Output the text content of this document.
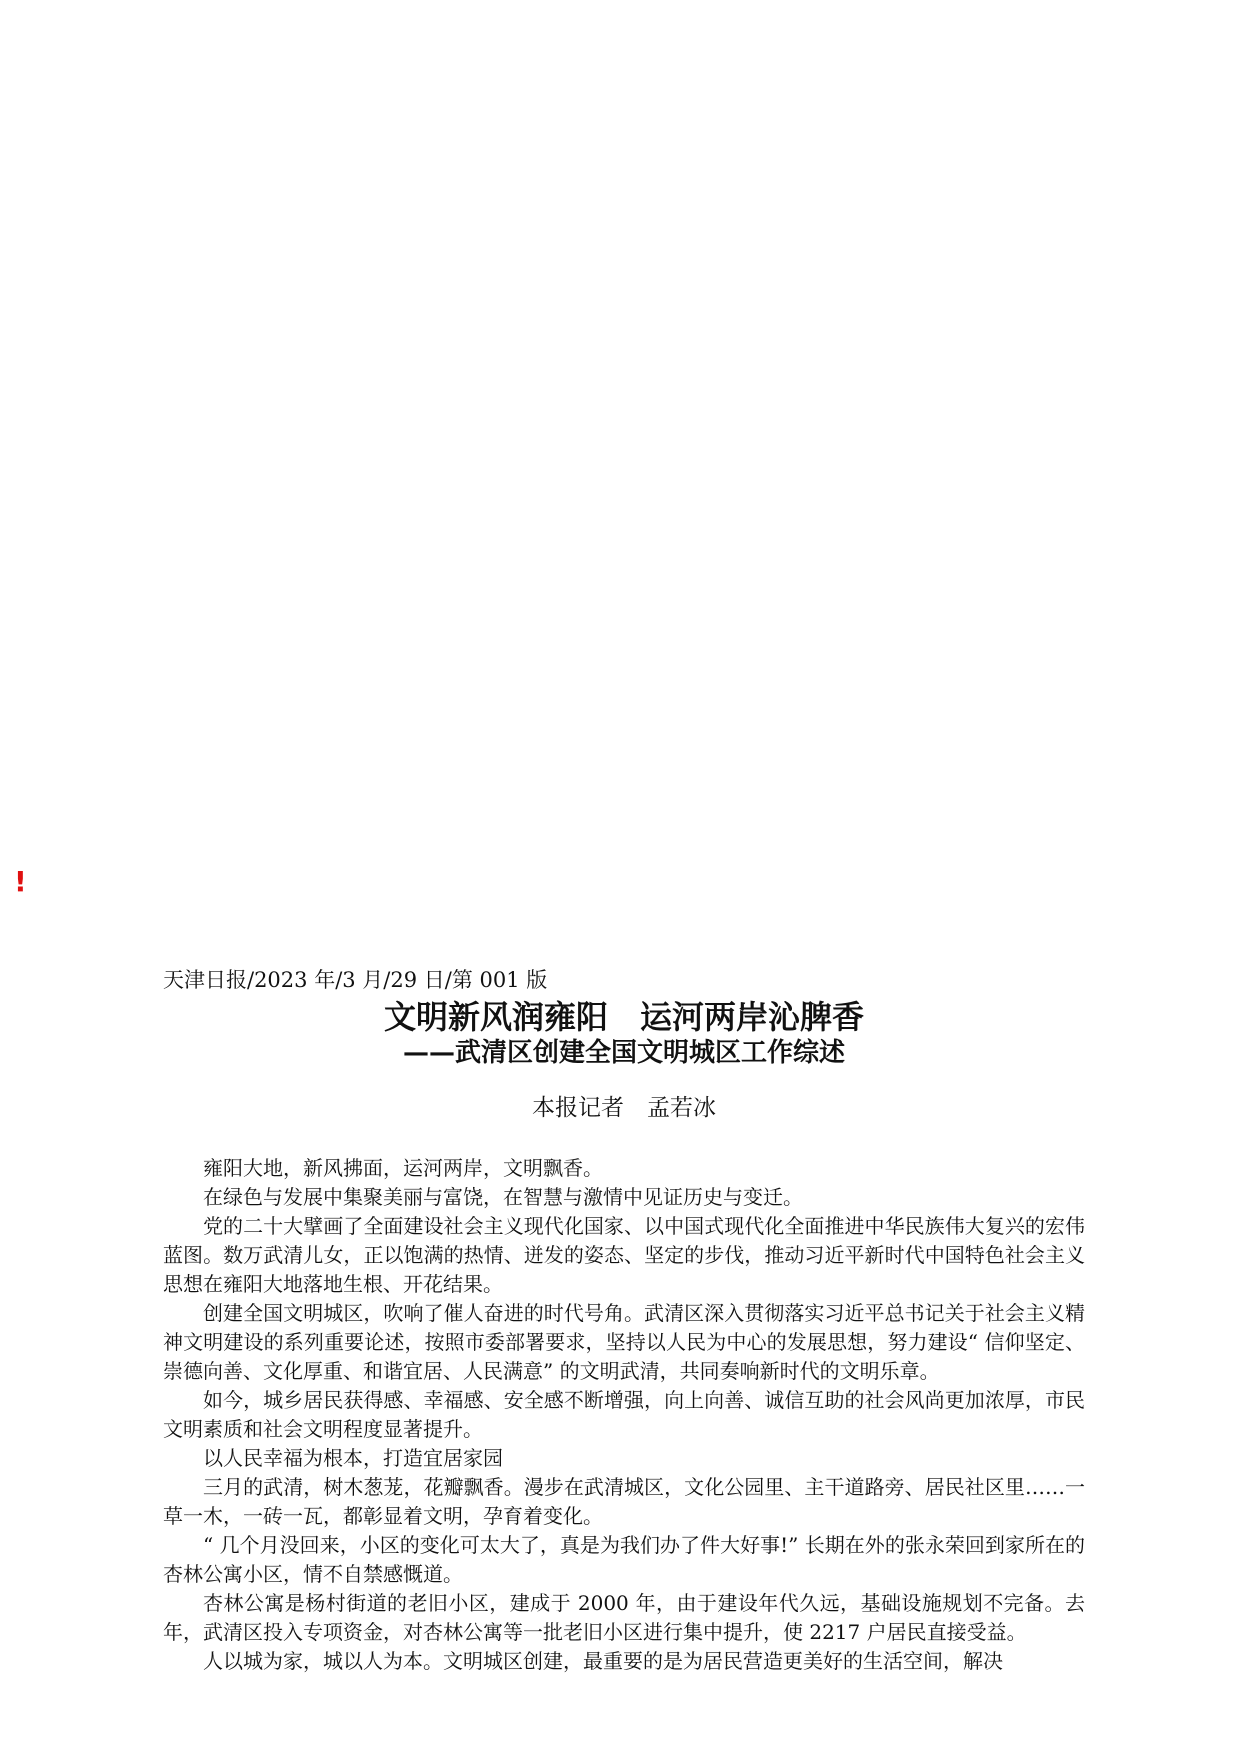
!
天津日报/2023 年/3 月/29 日/第 001 版
文明新风润雍阳　运河两岸沁脾香
——武清区创建全国文明城区工作综述
本报记者　孟若冰

雍阳大地，新风拂面，运河两岸，文明飘香。

在绿色与发展中集聚美丽与富饶，在智慧与激情中见证历史与变迁。

党的二十大擘画了全面建设社会主义现代化国家、以中国式现代化全面推进中华民族伟大复兴的宏伟蓝图。数万武清儿女，正以饱满的热情、迸发的姿态、坚定的步伐，推动习近平新时代中国特色社会主义思想在雍阳大地落地生根、开花结果。

创建全国文明城区，吹响了催人奋进的时代号角。武清区深入贯彻落实习近平总书记关于社会主义精神文明建设的系列重要论述，按照市委部署要求，坚持以人民为中心的发展思想，努力建设“ 信仰坚定、崇德向善、文化厚重、和谐宜居、人民满意” 的文明武清，共同奏响新时代的文明乐章。

如今，城乡居民获得感、幸福感、安全感不断增强，向上向善、诚信互助的社会风尚更加浓厚，市民文明素质和社会文明程度显著提升。

以人民幸福为根本，打造宜居家园

三月的武清，树木葱茏，花瓣飘香。漫步在武清城区，文化公园里、主干道路旁、居民社区里……一草一木，一砖一瓦，都彰显着文明，孕育着变化。

“ 几个月没回来，小区的变化可太大了，真是为我们办了件大好事!” 长期在外的张永荣回到家所在的杏林公寓小区，情不自禁感慨道。

杏林公寓是杨村街道的老旧小区，建成于 2000 年，由于建设年代久远，基础设施规划不完备。去年，武清区投入专项资金，对杏林公寓等一批老旧小区进行集中提升，使 2217 户居民直接受益。

人以城为家，城以人为本。文明城区创建，最重要的是为居民营造更美好的生活空间，解决
